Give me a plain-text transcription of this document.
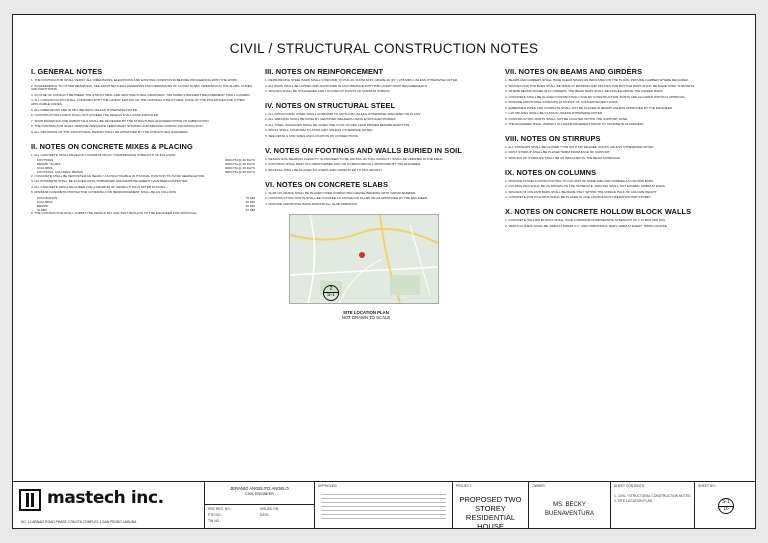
CIVIL / STRUCTURAL CONSTRUCTION NOTES
I. GENERAL NOTES

1. THE CONTRACTOR SHALL VERIFY ALL DIMENSIONS, ELEVATIONS AND EXISTING CONDITIONS BEFORE PROCEEDING WITH THE WORK.

2. IN REFERENCE TO OTHER DRAWINGS, SEE ARCHITECTURAL DRAWINGS FOR DIMENSIONS OF FLOOR SLABS, OPENINGS IN THE SLABS, CURBS AND PARTITIONS.

3. IN CASE OF CONFLICT BETWEEN THE STRUCTURAL AND ARCHITECTURAL DRAWINGS, THE MORE STRINGENT REQUIREMENT SHALL GOVERN.

4. ALL CONSTRUCTION SHALL CONFORM WITH THE LATEST EDITION OF THE NATIONAL STRUCTURAL CODE OF THE PHILIPPINES AND OTHER APPLICABLE CODES.

5. ALL DIMENSIONS ARE IN MILLIMETERS UNLESS OTHERWISE NOTED.

6. CONSTRUCTION LOADS SHALL NOT EXCEED THE DESIGN LIVE LOADS INDICATED.

7. SHOP DRAWINGS AND SUBMITTALS SHALL BE REVIEWED BY THE STRUCTURAL ENGINEER PRIOR TO FABRICATION.

8. THE CONTRACTOR SHALL PROVIDE ADEQUATE TEMPORARY SHORING AND BRACING DURING CONSTRUCTION.

9. ALL REVISIONS OF THE STRUCTURAL DESIGN SHALL BE APPROVED BY THE STRUCTURAL ENGINEER.

II. NOTES ON CONCRETE MIXES & PLACING

1. ALL CONCRETE SHALL DEVELOP A MINIMUM 28-DAY COMPRESSIVE STRENGTH AS FOLLOWS:

FOOTINGS	3000 PSI @ 28 DAYS
BEAMS / SLABS	3000 PSI @ 28 DAYS
COLUMNS	3000 PSI @ 28 DAYS
FOOTINGS, COLUMNS, BEAMS	3000 PSI @ 28 DAYS

2. CONCRETE SHALL BE DEPOSITED AS NEARLY AS PRACTICABLE IN ITS FINAL POSITION TO AVOID SEGREGATION.

3. NO CONCRETE SHALL BE PLACED UNTIL FORMWORK AND REINFORCEMENT HAVE BEEN INSPECTED.

4. ALL CONCRETE SHALL BE CURED FOR A MINIMUM OF SEVEN (7) DAYS AFTER PLACING.

5. MINIMUM CONCRETE PROTECTIVE COVERING FOR REINFORCEMENT SHALL BE AS FOLLOWS:

FOUNDATION	75 MM
COLUMNS	40 MM
BEAMS	40 MM
SLABS	20 MM

6. THE CONTRACTOR SHALL SUBMIT THE DESIGN MIX AND TEST RESULTS TO THE ENGINEER FOR APPROVAL.

III. NOTES ON REINFORCEMENT

1. REINFORCING STEEL BARS SHALL CONFORM TO PNS 49 / ASTM A615, GRADE 40 (FY = 276 MPA) UNLESS OTHERWISE NOTED.

2. ALL BARS SHALL BE LAPPED AND ANCHORED IN ACCORDANCE WITH THE LATEST NSCP REQUIREMENTS.

3. SPLICES SHALL BE STAGGERED AND LOCATED AT POINTS OF MINIMUM STRESS.

IV. NOTES ON STRUCTURAL STEEL

1. ALL STRUCTURAL STEEL SHALL CONFORM TO ASTM A36 UNLESS OTHERWISE SPECIFIED ON PLANS.

2. ALL WELDING SHALL BE DONE BY CERTIFIED WELDERS USING E70XX ELECTRODES.

3. ALL STEEL SURFACES SHALL BE GIVEN ONE COAT OF RED LEAD PRIMER BEFORE ERECTION.

4. BOLTS SHALL CONFORM TO ASTM A307 UNLESS OTHERWISE NOTED.

5. SEE DETAILS FOR SIZES AND LOCATION OF CONNECTIONS.

V. NOTES ON FOOTINGS AND WALLS BURIED IN SOIL

1. DESIGN SOIL BEARING CAPACITY IS ASSUMED TO BE 100 KPA. ACTUAL CAPACITY SHALL BE VERIFIED IN THE FIELD.

2. FOOTINGS SHALL REST ON UNDISTURBED SOIL OR COMPACTED FILL APPROVED BY THE ENGINEER.

3. BACKFILL SHALL BE PLACED IN LAYERS AND COMPACTED TO 95% DENSITY.

VI. NOTES ON CONCRETE SLABS

1. SLAB ON GRADE SHALL BE PLACED OVER COMPACTED GRAVEL BEDDING WITH VAPOR BARRIER.

2. CONSTRUCTION JOINTS SHALL BE LOCATED AS SHOWN ON PLANS OR AS APPROVED BY THE ENGINEER.

3. PROVIDE ADDITIONAL BARS AROUND ALL SLAB OPENINGS.

SITE LOCATION PLAN
NOT DRAWN TO SCALE
2
S-1
VII. NOTES ON BEAMS AND GIRDERS

1. BEAMS AND GIRDERS SHALL HAVE CLEAR SPANS AS INDICATED ON THE PLANS. PROVIDE CAMBER WHERE REQUIRED.

2. SPLICES FOR TOP BARS SHALL BE MADE AT MIDSPAN AND SPLICES FOR BOTTOM BARS SHALL BE MADE OVER SUPPORTS.

3. WHERE BEAMS FRAME INTO GIRDERS, THE BEAM BARS SHALL BE PLACED ABOVE THE GIRDER BARS.

4. CONCRETE SHALL BE PLACED CONTINUOUSLY AND NO CONSTRUCTION JOINTS ARE ALLOWED WITHOUT APPROVAL.

5. PROVIDE ADDITIONAL STIRRUPS AT POINTS OF CONCENTRATED LOADS.

6. EMBEDDED PIPES AND CONDUITS SHALL NOT BE PLACED IN BEAMS UNLESS APPROVED BY THE ENGINEER.

7. LAP SPLICES SHALL BE CLASS B UNLESS OTHERWISE NOTED.

8. CONSTRUCTION JOINTS SHALL NOT BE LOCATED WITHIN THE SUPPORT ZONE.

9. THE ENGINEER SHALL INSPECT ALL REINFORCEMENT PRIOR TO CONCRETE PLACEMENT.

VIII. NOTES ON STIRRUPS

1. ALL STIRRUPS SHALL BE CLOSED TYPE WITH 135 DEGREE HOOKS UNLESS OTHERWISE NOTED.

2. FIRST STIRRUP SHALL BE PLACED 50MM FROM FACE OF SUPPORT.

3. SPACING OF STIRRUPS SHALL BE AS INDICATED IN THE BEAM SCHEDULE.

IX. NOTES ON COLUMNS

1. PROVIDE DOWELS FROM FOOTING TO COLUMN OF SAME SIZE AND NUMBER AS COLUMN BARS.

2. COLUMN TIES SHALL BE AS SHOWN ON THE SCHEDULE. SPACING SHALL NOT EXCEED 100MM AT ENDS.

3. SPLICES OF COLUMN BARS SHALL BE MADE ONLY WITHIN THE MIDDLE HALF OF COLUMN HEIGHT.

4. CONCRETE FOR COLUMNS SHALL BE PLACED IN ONE CONTINUOUS OPERATION PER STOREY.

X. NOTES ON CONCRETE HOLLOW BLOCK WALLS

1. CONCRETE HOLLOW BLOCKS SHALL HAVE A MINIMUM COMPRESSIVE STRENGTH OF 2.76 MPA (400 PSI).

2. VERTICAL BARS SHALL BE 10MM AT 600MM O.C. AND HORIZONTAL BARS 10MM AT EVERY THIRD COURSE.

mastech inc.
NO. 12 ARNAIZ ROAD PHASE 2 PACITA COMPLEX 1 SAN PEDRO LAGUNA
JERANIO ANGELITO ANGELO
CIVIL ENGINEER
PRC REG. NO.:
PTR NO.:
TIN NO.:
ISSUED ON:
DATE:
APPROVED:	PROJECT:
PROPOSED TWO STOREY RESIDENTIAL HOUSE
OWNER:
MS. BECKY BUENAVENTURA
SHEET CONTENTS:
1. CIVIL / STRUCTURAL CONSTRUCTION NOTES
2. SITE LOCATION PLAN
SHEET NO.:
S-1
16
